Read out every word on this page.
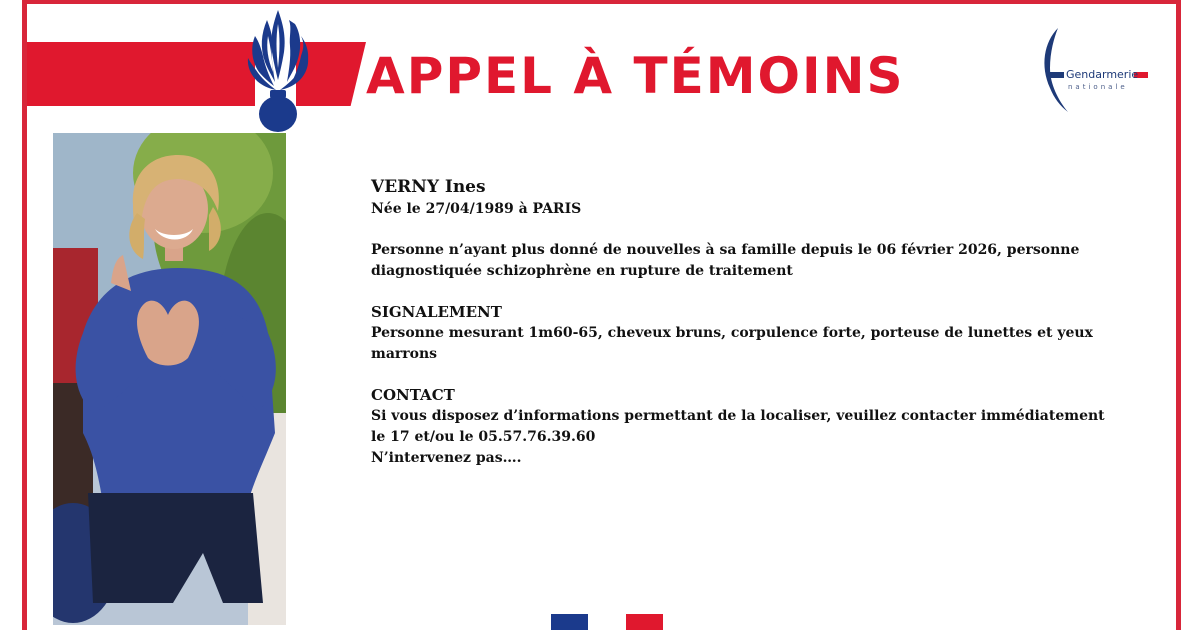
APPEL À TÉMOINS	Gendarmerie
nationale

VERNY Ines

Née le 27/04/1989 à PARIS

Personne n’ayant plus donné de nouvelles à sa famille depuis le 06 février 2026, personne diagnostiquée schizophrène en rupture de traitement

SIGNALEMENT

Personne mesurant 1m60-65, cheveux bruns, corpulence forte, porteuse de lunettes et yeux marrons

CONTACT

Si vous disposez d’informations permettant de la localiser, veuillez contacter immédiatement le 17 et/ou le 05.57.76.39.60

N’intervenez pas….
